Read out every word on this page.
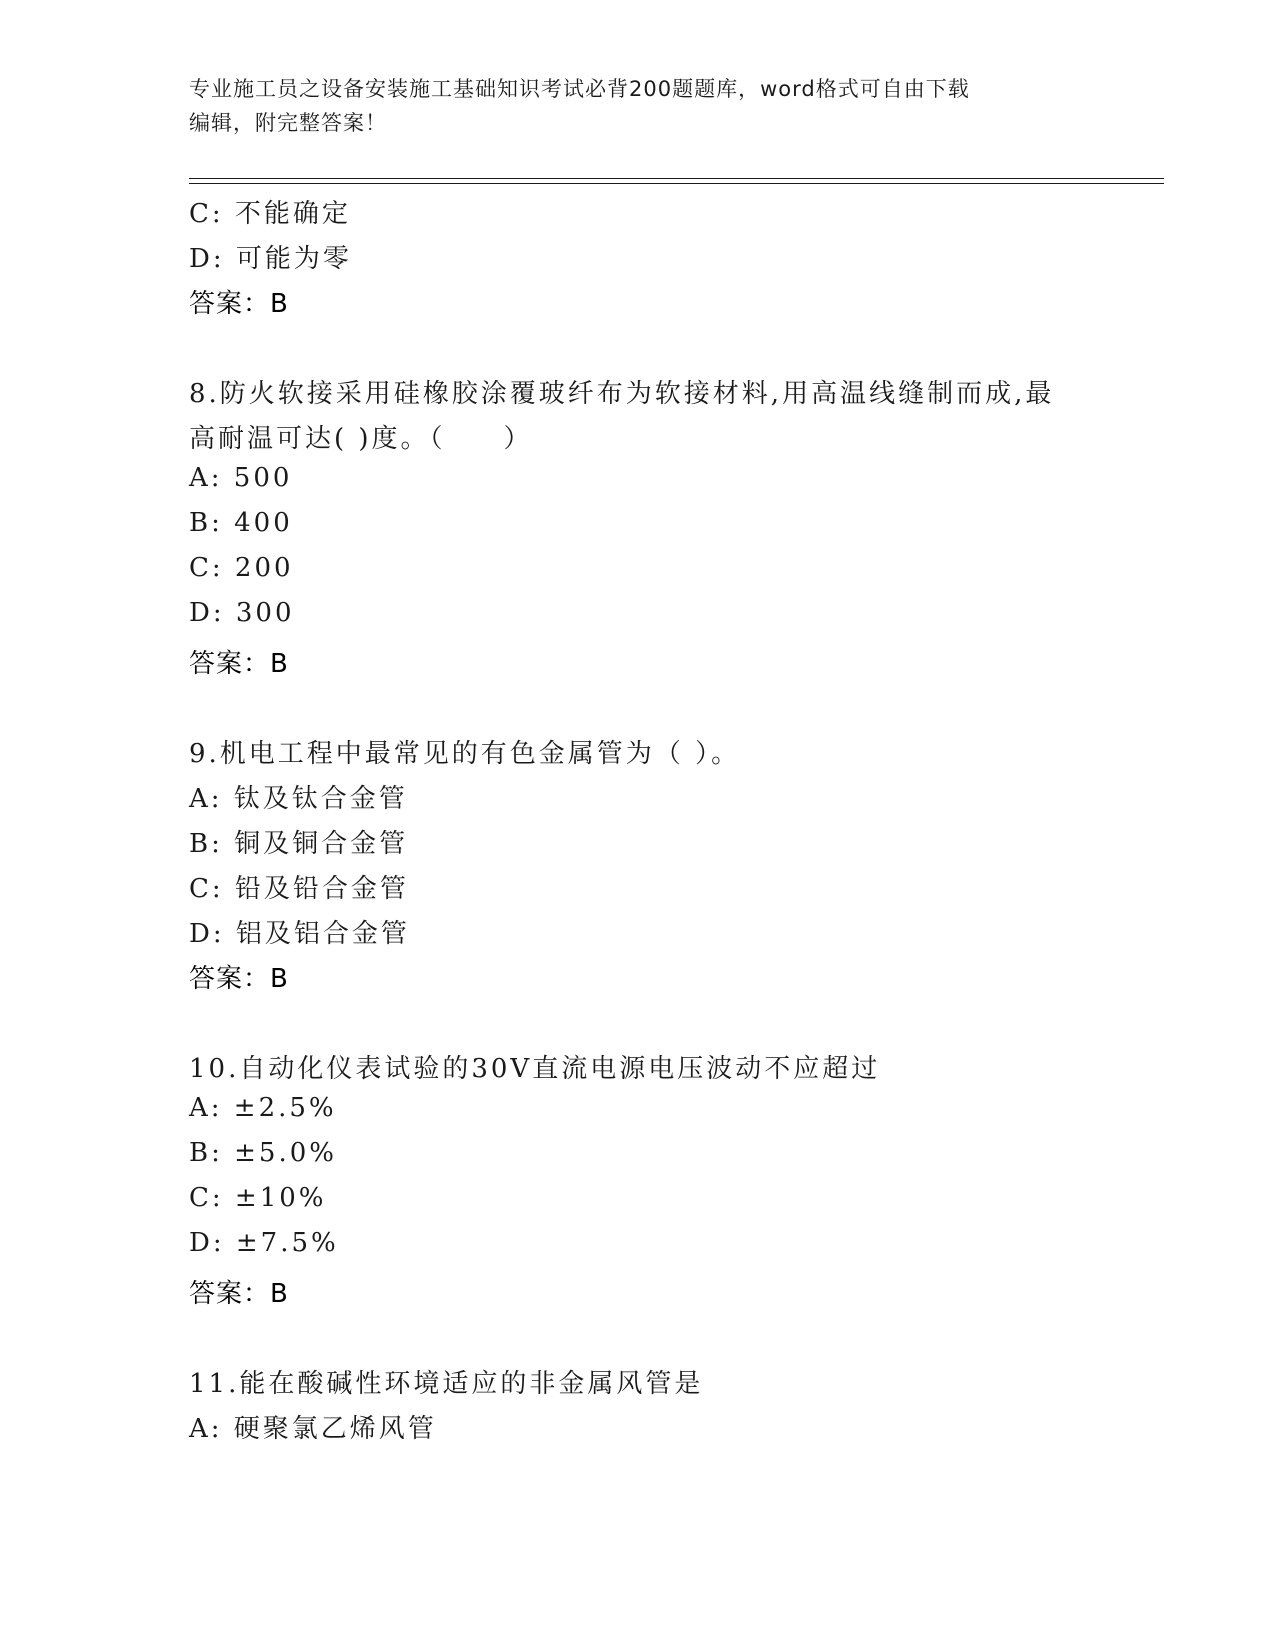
专业施工员之设备安装施工基础知识考试必背200题题库，word格式可自由下载
编辑，附完整答案！
C: 不能确定
D: 可能为零
答案：B
8.防火软接采用硅橡胶涂覆玻纤布为软接材料,用高温线缝制而成,最
高耐温可达( )度。（　　）
A: 500
B: 400
C: 200
D: 300
答案：B
9.机电工程中最常见的有色金属管为（ ）。
A: 钛及钛合金管
B: 铜及铜合金管
C: 铅及铅合金管
D: 铝及铝合金管
答案：B
10.自动化仪表试验的30V直流电源电压波动不应超过
A: ±2.5%
B: ±5.0%
C: ±10%
D: ±7.5%
答案：B
11.能在酸碱性环境适应的非金属风管是
A: 硬聚氯乙烯风管
